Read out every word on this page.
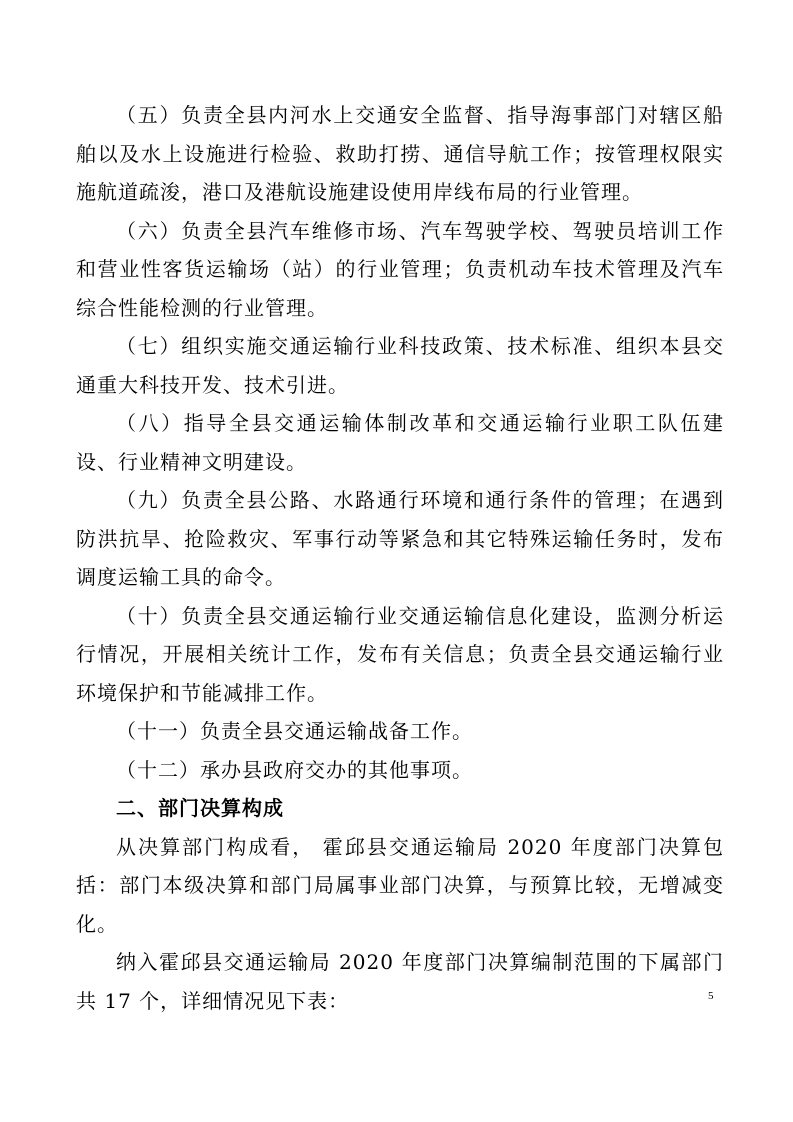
（五）负责全县内河水上交通安全监督、指导海事部门对辖区船舶以及水上设施进行检验、救助打捞、通信导航工作；按管理权限实施航道疏浚，港口及港航设施建设使用岸线布局的行业管理。

（六）负责全县汽车维修市场、汽车驾驶学校、驾驶员培训工作和营业性客货运输场（站）的行业管理；负责机动车技术管理及汽车综合性能检测的行业管理。

（七）组织实施交通运输行业科技政策、技术标准、组织本县交通重大科技开发、技术引进。

（八）指导全县交通运输体制改革和交通运输行业职工队伍建设、行业精神文明建设。

（九）负责全县公路、水路通行环境和通行条件的管理；在遇到防洪抗旱、抢险救灾、军事行动等紧急和其它特殊运输任务时，发布调度运输工具的命令。

（十）负责全县交通运输行业交通运输信息化建设，监测分析运行情况，开展相关统计工作，发布有关信息；负责全县交通运输行业环境保护和节能减排工作。

（十一）负责全县交通运输战备工作。

（十二）承办县政府交办的其他事项。

二、部门决算构成

从决算部门构成看， 霍邱县交通运输局 2020 年度部门决算包括：部门本级决算和部门局属事业部门决算，与预算比较，无增减变化。

纳入霍邱县交通运输局 2020 年度部门决算编制范围的下属部门共 17 个，详细情况见下表：	5
